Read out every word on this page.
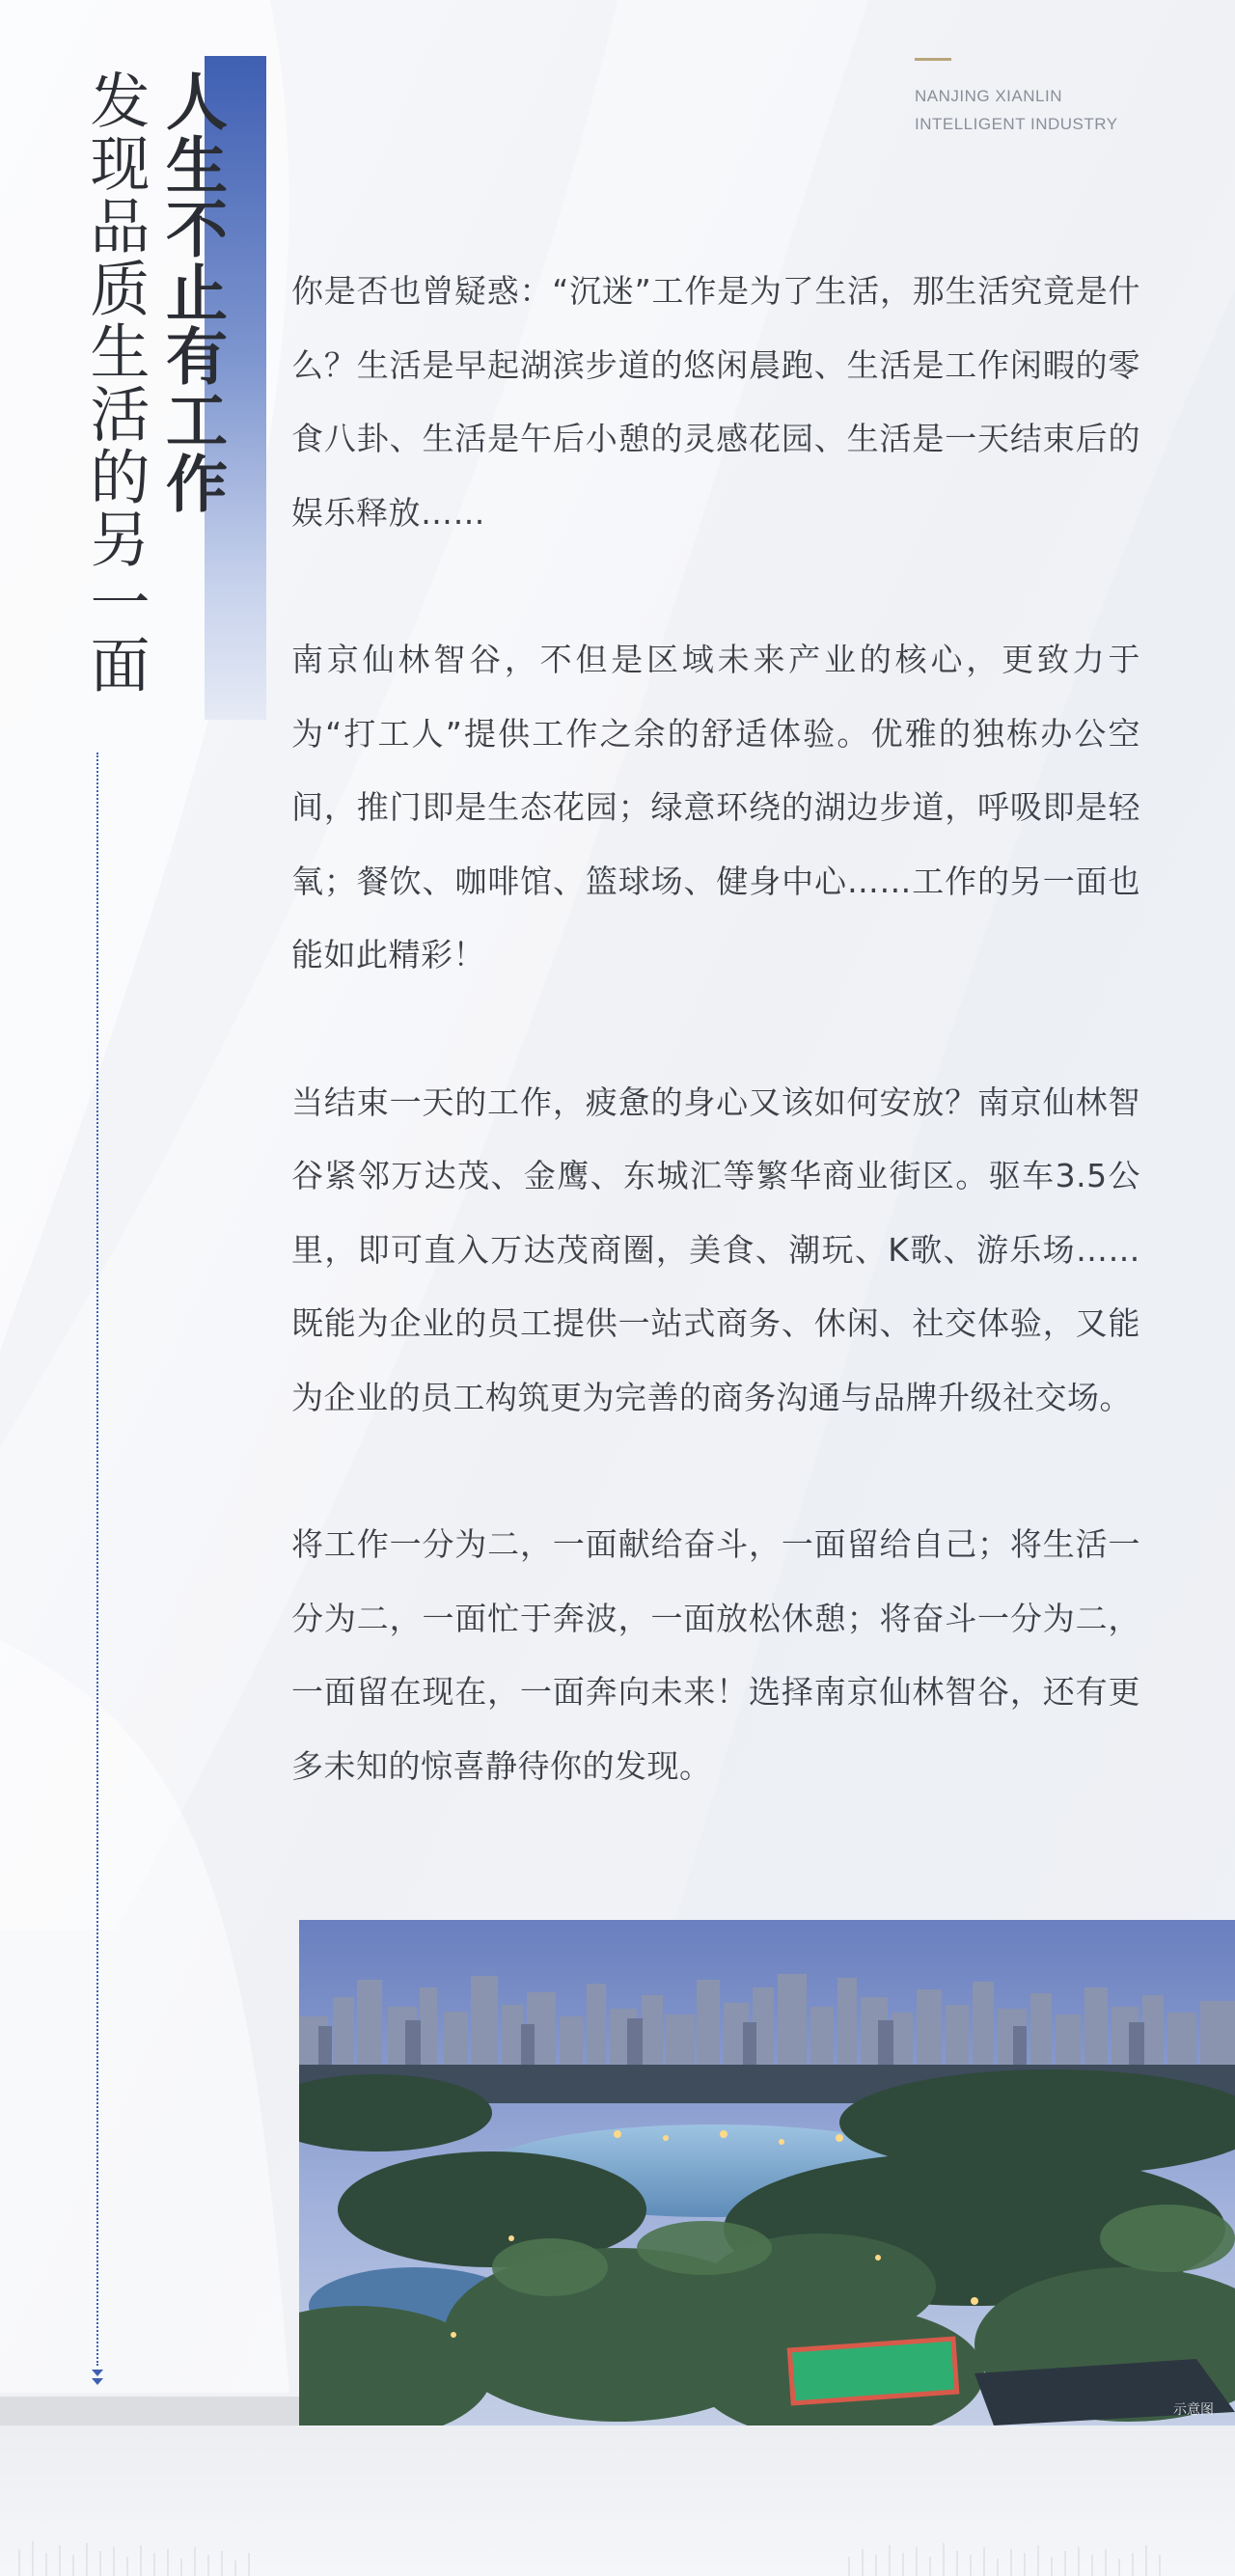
NANJING XIANLIN
INTELLIGENT INDUSTRY
人生不止有工作
发现品质生活的另一面	你是否也曾疑惑：“沉迷”工作是为了生活，那生活究竟是什么？生活是早起湖滨步道的悠闲晨跑、生活是工作闲暇的零食八卦、生活是午后小憩的灵感花园、生活是一天结束后的娱乐释放……

南京仙林智谷，不但是区域未来产业的核心，更致力于为“打工人”提供工作之余的舒适体验。优雅的独栋办公空间，推门即是生态花园；绿意环绕的湖边步道，呼吸即是轻氧；餐饮、咖啡馆、篮球场、健身中心……工作的另一面也能如此精彩！

当结束一天的工作，疲惫的身心又该如何安放？南京仙林智谷紧邻万达茂、金鹰、东城汇等繁华商业街区。驱车3.5公里，即可直入万达茂商圈，美食、潮玩、K歌、游乐场……既能为企业的员工提供一站式商务、休闲、社交体验，又能为企业的员工构筑更为完善的商务沟通与品牌升级社交场。

将工作一分为二，一面献给奋斗，一面留给自己；将生活一分为二，一面忙于奔波，一面放松休憩；将奋斗一分为二，一面留在现在，一面奔向未来！选择南京仙林智谷，还有更多未知的惊喜静待你的发现。

示意图
